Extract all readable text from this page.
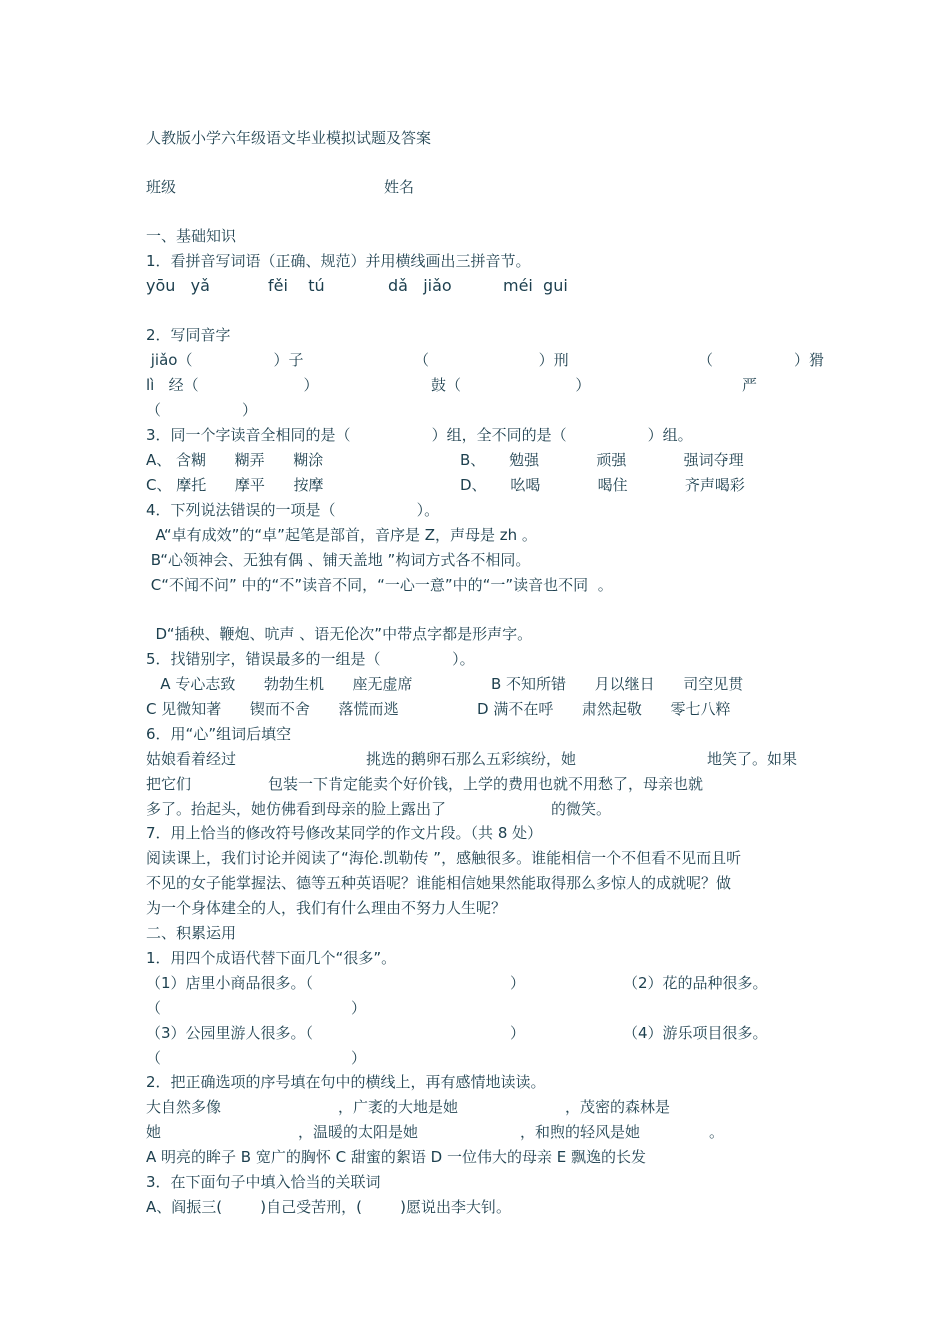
人教版小学六年级语文毕业模拟试题及答案
班级	姓名
一、基础知识
1．看拼音写词语（正确、规范）并用横线画出三拼音节。
yōu   yǎ	fěi    tú	dǎ   jiǎo	méi  gui
2．写同音字
jiǎo（                 ）子	（                       ）刑	（                 ）猾
lì   经（                      ）	鼓（                        ）	严
（                 ）
3．同一个字读音全相同的是（                 ）组，全不同的是（                 ）组。
A、 含糊      糊弄      糊涂	B、     勉强            顽强            强词夺理
C、 摩托      摩平      按摩	D、     吆喝            喝住            齐声喝彩
4．下列说法错误的一项是（                 ）。
A“卓有成效”的“卓”起笔是部首，音序是 Z，声母是 zh 。
B“心领神会、无独有偶 、铺天盖地 ”构词方式各不相同。
C“不闻不问” 中的“不”读音不同，“一心一意”中的“一”读音也不同  。
D“插秧、鞭炮、吭声 、语无伦次”中带点字都是形声字。
5．找错别字，错误最多的一组是（               ）。
A 专心志致      勃勃生机      座无虚席	B 不知所错      月以继日      司空见贯
C 见微知著      锲而不舍      落慌而逃	D 满不在呼      肃然起敬      零七八粹
6．用“心”组词后填空
姑娘看着经过	挑选的鹅卵石那么五彩缤纷，她	地笑了。如果
把它们	包装一下肯定能卖个好价钱，上学的费用也就不用愁了，母亲也就
多了。抬起头，她仿佛看到母亲的脸上露出了	的微笑。
7．用上恰当的修改符号修改某同学的作文片段。（共 8 处）
阅读课上，我们讨论并阅读了“海伦.凯勒传 ”，感触很多。谁能相信一个不但看不见而且听
不见的女子能掌握法、德等五种英语呢？谁能相信她果然能取得那么多惊人的成就呢？做
为一个身体建全的人，我们有什么理由不努力人生呢？
二、积累运用
1．用四个成语代替下面几个“很多”。
（1）店里小商品很多。（	）	（2）花的品种很多。
（	）
（3）公园里游人很多。（	）	（4）游乐项目很多。
（	）
2．把正确选项的序号填在句中的横线上，再有感情地读读。
大自然多像	，广袤的大地是她	，茂密的森林是
她	，温暖的太阳是她	，和煦的轻风是她	。
A 明亮的眸子 B 宽广的胸怀 C 甜蜜的絮语 D 一位伟大的母亲 E 飘逸的长发
3．在下面句子中填入恰当的关联词
A、阎振三(        )自己受苦刑，(        )愿说出李大钊。
